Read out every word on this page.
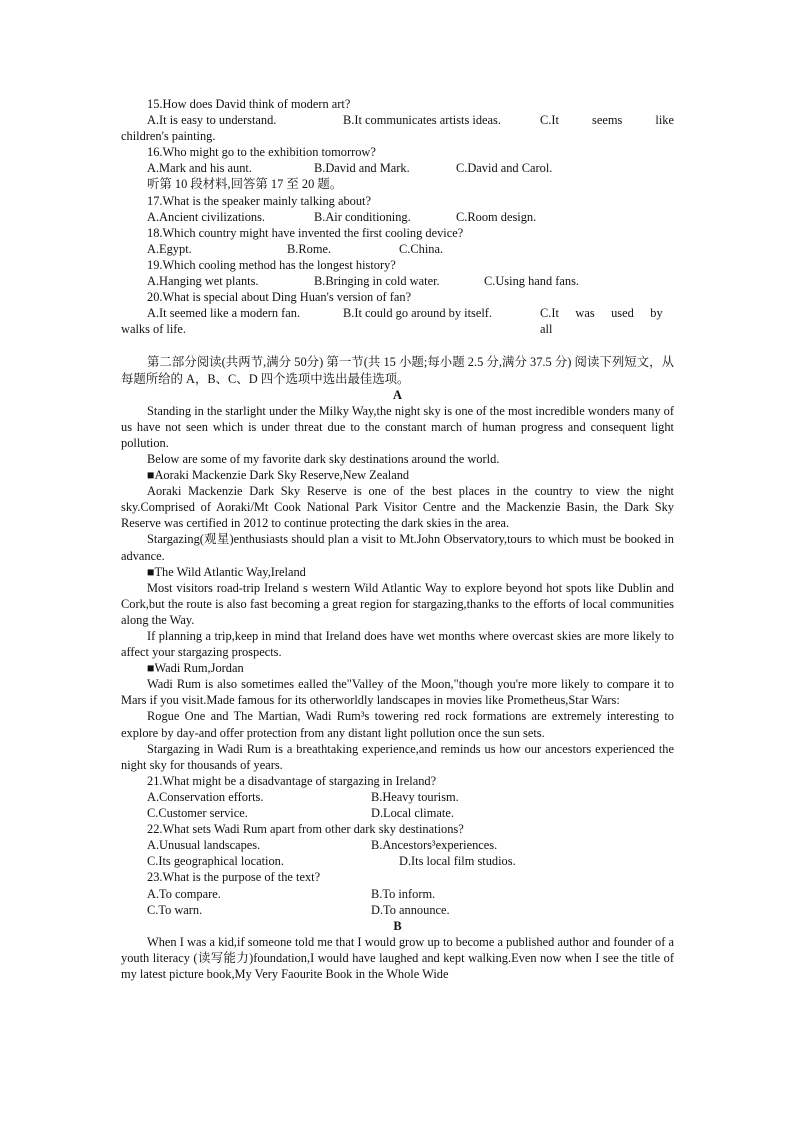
15.How does David think of modern art?
A.It is easy to understand.	B.It communicates artists ideas.	C.It         seems         like
children's painting.
16.Who might go to the exhibition tomorrow?
A.Mark and his aunt.	B.David and Mark.	C.David and Carol.
听第 10 段材料,回答第 17 至 20 题。
17.What is the speaker mainly talking about?
A.Ancient civilizations.	B.Air conditioning.	C.Room design.
18.Which country might have invented the first cooling device?
A.Egypt.	B.Rome.	C.China.
19.Which cooling method has the longest history?
A.Hanging wet plants.	B.Bringing in cold water.	C.Using hand fans.
20.What is special about Ding Huan's version of fan?
A.It seemed like a modern fan.	B.It could go around by itself.	C.It    was    used    by    all
walks of life.
第二部分阅读(共两节,满分 50分) 第一节(共 15 小题;每小题 2.5 分,满分 37.5 分) 阅读下列短文，从每题所给的 A，B、C、D 四个选项中选出最佳选项。
A
Standing in the starlight under the Milky Way,the night sky is one of the most incredible wonders many of us have not seen which is under threat due to the constant march of human progress and consequent light pollution.
Below are some of my favorite dark sky destinations around the world.
■Aoraki Mackenzie Dark Sky Reserve,New Zealand
Aoraki Mackenzie Dark Sky Reserve is one of the best places in the country to view the night sky.Comprised of Aoraki/Mt Cook National Park Visitor Centre and the Mackenzie Basin, the Dark Sky Reserve was certified in 2012 to continue protecting the dark skies in the area.
Stargazing(观星)enthusiasts should plan a visit to Mt.John Observatory,tours to which must be booked in advance.
■The Wild Atlantic Way,Ireland
Most visitors road-trip Ireland s western Wild Atlantic Way to explore beyond hot spots like Dublin and Cork,but the route is also fast becoming a great region for stargazing,thanks to the efforts of local communities along the Way.
If planning a trip,keep in mind that Ireland does have wet months where overcast skies are more likely to affect your stargazing prospects.
■Wadi Rum,Jordan
Wadi Rum is also sometimes ealled the"Valley of the Moon,"though you're more likely to compare it to Mars if you visit.Made famous for its otherworldly landscapes in movies like Prometheus,Star Wars:
Rogue One and The Martian, Wadi Rum³s towering red rock formations are extremely interesting to explore by day-and offer protection from any distant light pollution once the sun sets.
Stargazing in Wadi Rum is a breathtaking experience,and reminds us how our ancestors experienced the night sky for thousands of years.
21.What might be a disadvantage of stargazing in Ireland?
A.Conservation efforts.	B.Heavy tourism.
C.Customer service.	D.Local climate.
22.What sets Wadi Rum apart from other dark sky destinations?
A.Unusual landscapes.	B.Ancestors³experiences.
C.Its geographical location.	D.Its local film studios.
23.What is the purpose of the text?
A.To compare.	B.To inform.
C.To warn.	D.To announce.
B
When I was a kid,if someone told me that I would grow up to become a published author and founder of a youth literacy (读写能力)foundation,I would have laughed and kept walking.Even now when I see the title of my latest picture book,My Very Faourite Book in the Whole Wide
